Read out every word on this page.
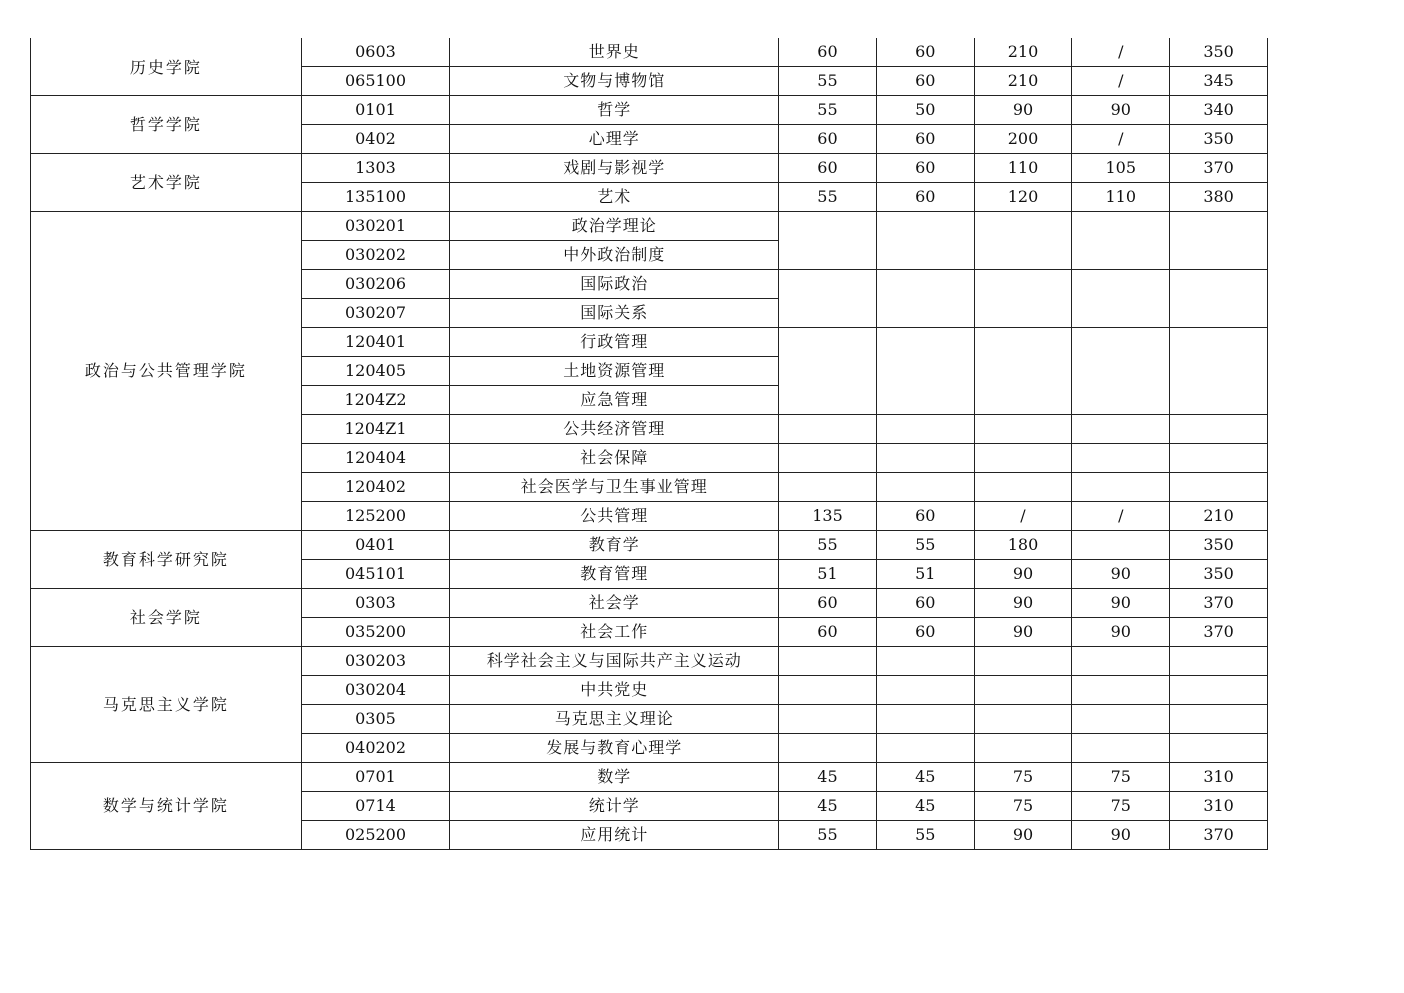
历史学院	0603	世界史	60	60	210	/	350
	065100	文物与博物馆	55	60	210	/	345
哲学学院	0101	哲学	55	50	90	90	340
	0402	心理学	60	60	200	/	350
艺术学院	1303	戏剧与影视学	60	60	110	105	370
	135100	艺术	55	60	120	110	380
政治与公共管理学院	030201	政治学理论					
	030202	中外政治制度					
	030206	国际政治					
	030207	国际关系					
	120401	行政管理					
	120405	土地资源管理					
	1204Z2	应急管理					
	1204Z1	公共经济管理					
	120404	社会保障					
	120402	社会医学与卫生事业管理					
	125200	公共管理	135	60	/	/	210
教育科学研究院	0401	教育学	55	55	180		350
	045101	教育管理	51	51	90	90	350
社会学院	0303	社会学	60	60	90	90	370
	035200	社会工作	60	60	90	90	370
马克思主义学院	030203	科学社会主义与国际共产主义运动					
	030204	中共党史					
	0305	马克思主义理论					
	040202	发展与教育心理学					
数学与统计学院	0701	数学	45	45	75	75	310
	0714	统计学	45	45	75	75	310
	025200	应用统计	55	55	90	90	370
